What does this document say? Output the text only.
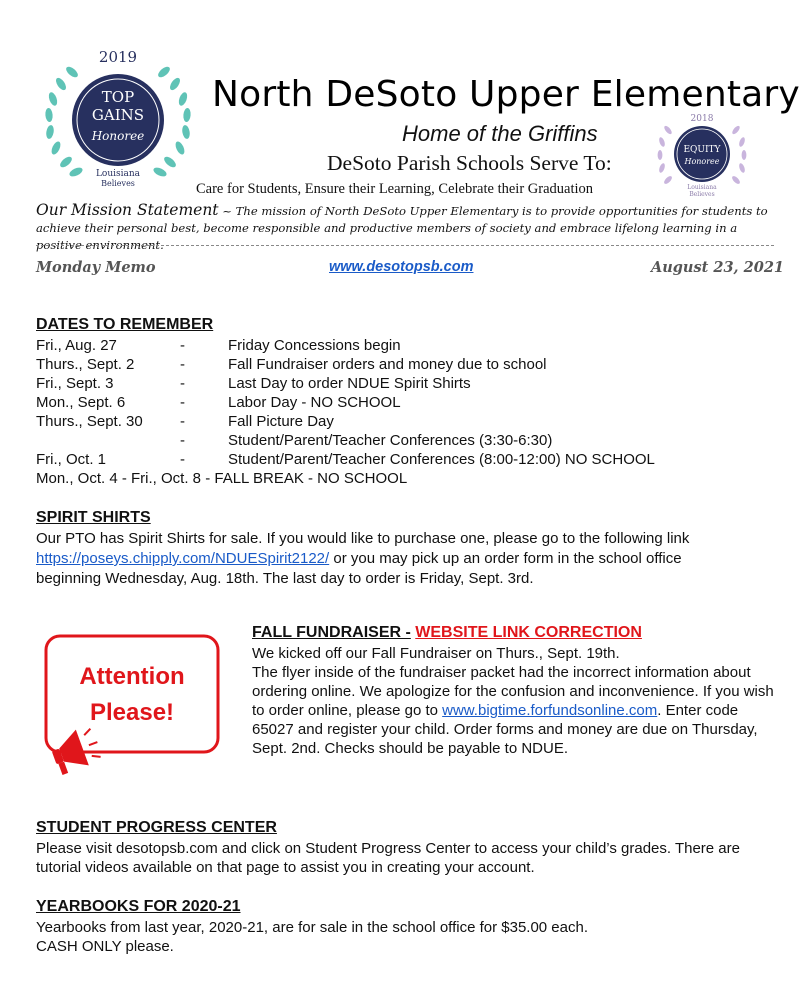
2019
TOP
GAINS
Honoree
Louisiana
Believes
2018
EQUITY
Honoree
Louisiana
Believes
North DeSoto Upper Elementary
Home of the Griffins
DeSoto Parish Schools Serve To:
Care for Students, Ensure their Learning, Celebrate their Graduation
Our Mission Statement ~ The mission of North DeSoto Upper Elementary is to provide opportunities for students to achieve their personal best, become responsible and productive members of society and embrace lifelong learning in a positive environment.
Monday Memo	www.desotopsb.com	August 23, 2021
DATES TO REMEMBER
Fri., Aug. 27	-	Friday Concessions begin
Thurs., Sept. 2	-	Fall Fundraiser orders and money due to school
Fri., Sept. 3	-	Last Day to order NDUE Spirit Shirts
Mon., Sept. 6	-	Labor Day - NO SCHOOL
Thurs., Sept. 30 -	Fall Picture Day
-	Student/Parent/Teacher Conferences (3:30-6:30)
Fri., Oct. 1	-	Student/Parent/Teacher Conferences (8:00-12:00) NO SCHOOL
Mon., Oct. 4 - Fri., Oct. 8 - FALL BREAK - NO SCHOOL
SPIRIT SHIRTS
Our PTO has Spirit Shirts for sale. If you would like to purchase one, please go to the following link
https://poseys.chipply.com/NDUESpirit2122/ or you may pick up an order form in the school office
beginning Wednesday, Aug. 18th. The last day to order is Friday, Sept. 3rd.
Attention
Please!
FALL FUNDRAISER - WEBSITE LINK CORRECTION
We kicked off our Fall Fundraiser on Thurs., Sept. 19th.
The flyer inside of the fundraiser packet had the incorrect information about ordering online. We apologize for the confusion and inconvenience. If you wish to order online, please go to www.bigtime.forfundsonline.com. Enter code 65027 and register your child. Order forms and money are due on Thursday, Sept. 2nd. Checks should be payable to NDUE.
STUDENT PROGRESS CENTER
Please visit desotopsb.com and click on Student Progress Center to access your child’s grades. There are tutorial videos available on that page to assist you in creating your account.
YEARBOOKS FOR 2020-21
Yearbooks from last year, 2020-21, are for sale in the school office for $35.00 each.
CASH ONLY please.
